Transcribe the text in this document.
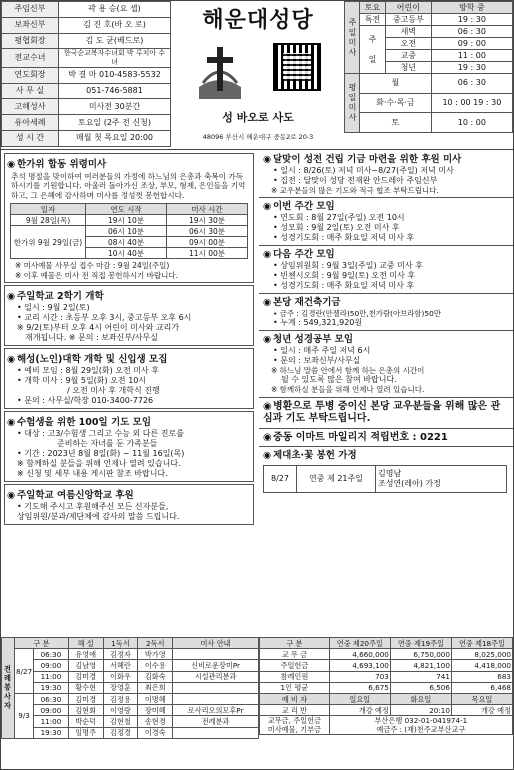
주임신부	곽 용 승(요 셉)
보좌신부	김 진 호(바 오 로)
평협회장	김 도 균(베드로)
전교수녀	한국순교복자수녀회 박 루치아 수 녀
연도회장	박 결 마 010-4583-5532
사 무 실	051-746-5881
고해성사	미사전 30분간
유아세례	토요일 (2주 전 신청)
성 시 간	매월 첫 목요일 20:00
해운대성당
성 바오로 사도
48096 부산시 해운대구 중동2로 20-3
주일미사	토요	어린이	방학 중
	특전	중고등부	19 : 30
	주

일	새벽	06 : 30
		오전	09 : 00
		교중	11 : 00
		청년	19 : 30
평일미사	월		06 : 30
	화·수·목·금		10 : 00 19 : 30
	토		10 : 00
◉ 한가위 합동 위령미사
추석 명절을 맞이하여 여러분들의 가정에 하느님의 은총과 축복이 가득하시기를 기원합니다. 아울러 돌아가신 조상, 부모, 형제, 은인들을 기억하고, 그 은혜에 감사하며 미사를 정성껏 봉헌합시다.
일자	연도 시작	미사 시간
9월 28일(목)	19시 10분	19시 30분
한가위 9월 29일(금)	06시 10분	06시 30분
	08시 40분	09시 00분
	10시 40분	11시 00분
※ 미사예물 사무실 접수 마감 : 9월 24일(주일)
※ 이후 예물은 미사 전 직접 봉헌하시기 바랍니다.
◉ 주일학교 2학기 개학
• 일시 : 9월 2일(토)
• 교리 시간 : 초등부 오후 3시, 중고등부 오후 6시
※ 9/2(토)부터 오후 4시 어린이 미사와 교리가
재개됩니다. ※ 문의 : 보좌신부/사무실
◉ 해성(노인)대학 개학 및 신입생 모집
• 예비 모임 : 8월 29일(화) 오전 미사 후
• 개학 미사 : 9월 5일(화) 오전 10시
/ 오전 미사 후 개학식 진행
• 문의 : 사무실/학장 010-3400-7726
◉ 수험생을 위한 100일 기도 모임
• 대상 : 고3/수험생 그리고 수능 외 다른 진로를
준비하는 자녀를 둔 가족분들
• 기간 : 2023년 8월 8일(화) ~ 11월 16일(목)
※ 함께하실 분들을 위해 언제나 열려 있습니다.
※ 신청 및 세부 내용 게시판 참조 바랍니다.
◉ 주일학교 여름신앙학교 후원
• 기도해 주시고 후원해주신 모든 신자분들,
상임위원/분과/제단체에 감사의 말씀 드립니다.
◉ 달맞이 성전 건립 기금 마련을 위한 후원 미사
• 일시 : 8/26(토) 저녁 미사~8/27(주일) 저녁 미사
• 집전 : 달맞이 성당 전재완 안드레아 주임신부
※ 교우분들의 많은 기도와 적극 협조 부탁드립니다.
◉ 이번 주간 모임
• 연도회 : 8월 27일(주일) 오전 10시
• 성모회 : 9월 2일(토) 오전 미사 후
• 성경기도회 : 매주 화요일 저녁 미사 후
◉ 다음 주간 모임
• 상임위원회 : 9월 3일(주일) 교중 미사 후
• 빈첸시오회 : 9월 9일(토) 오전 미사 후
• 성경기도회 : 매주 화요일 저녁 미사 후
◉ 본당 재건축기금
• 금주 : 김경란(안젤라)50만,천가람(아브라함)50만
• 누계 : 549,321,920원
◉ 청년 성경공부 모임
• 일시 : 매주 주일 저녁 6시
• 문의 : 보좌신부/사무실
※ 하느님 말씀 안에서 함께 하는 은총의 시간이
될 수 있도록 많은 참여 바랍니다.
※ 함께하실 분들을 위해 언제나 열려 있습니다.
◉병환으로 투병 중이신 본당 교우분들을 위해 많은 관심과 기도 부탁드립니다.
◉중동 이마트 마일리지 적립번호 : 0221
◉ 제대초·꽃 봉헌 가정
8/27	연중 제 21주일	김명남
조성연(레아) 가정
전례봉사자	구 분		해 설	1독서	2독서	미사 안내
	8/27	06:30	유영애	김정자	박가영	
		09:00	김남영	서혜란	이수용	신비로운장미Pr
		11:00	김미경	이화우	김화숙	시설관리분과
		19:30	황수현	장영훈	최은희	
	9/3	06:30	김미경	김정용	이명혜	
		09:00	김현회	이영랑	장미혜	로사리오의모후Pr
		11:00	박순덕	김현철	송현경	전례분과
		19:30	임명주	김정경	이경숙	
구 분	연중 제20주일	연중 제19주일	연중 제18주일
교 무 금	4,660,000	6,750,000	8,025,000
주일헌금	4,693,100	4,821,100	4,418,000
참례인원	703	741	683
1인 평균	6,675	6,506	6,468
예 비 자	일요일	화요일	목요일
교 리 반	개강 예정	20:10	개강 예정
교무금, 주일헌금
미사예물, 기부금	부산은행 032-01-041974-1
예금주 : (재)천주교부산교구		
